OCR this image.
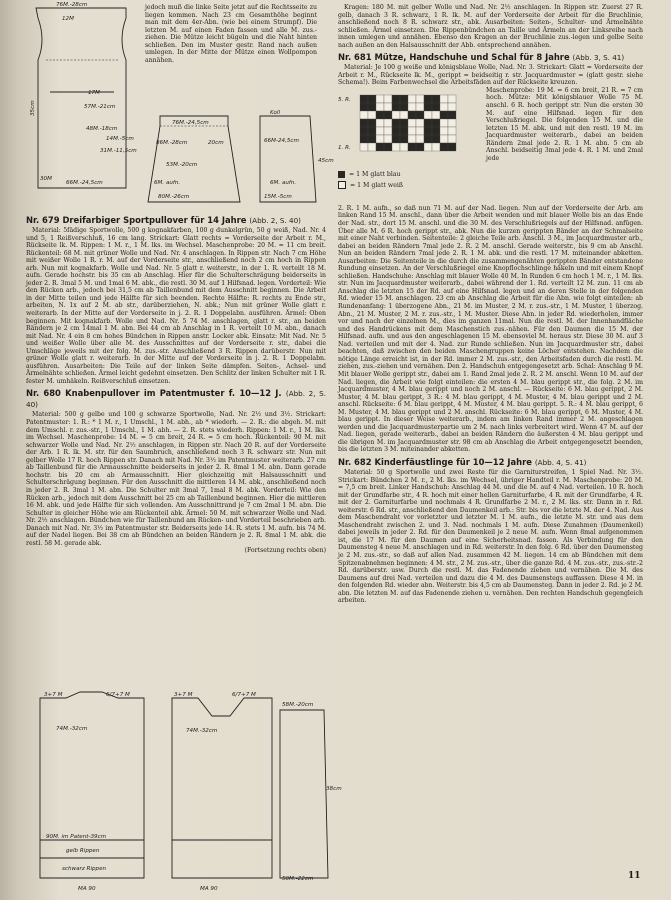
76M.-28cm
12M
35cm	57M.-21cm
48M.-18cm
17M
30M
66M.-24,5cm
14M.-5cm
31M.-11,5cm

jedoch muß die linke Seite jetzt auf die Rechtsseite zu liegen kommen. Nach 23 cm Gesamthöhe beginnt man mit dem 4er-Abn. (wie bei einem Strumpf). Die letzten M. auf einen Faden fassen und alle M. zus.-ziehen. Die Mütze leicht bügeln und die Naht hinten schließen. Den im Muster gestr. Rand nach außen umlegen. In der Mitte der Mütze einen Wollpompon annähen.

76M.-24,5cm
86M.-28cm	20cm
53M.-20cm
6M. aufn.
80M.-26cm
Koll
66M-24,5cm
6M. aufn.
15M.-5cm
45cm
Nr. 679 Dreifarbiger Sportpullover für 14 Jahre (Abb. 2, S. 40)

Material: 5fädige Sportwolle, 500 g kognakfarben, 100 g dunkelgrün, 50 g weiß, Nad. Nr. 4 und 5, 1 Reißverschluß, 16 cm lang. Strickart: Glatt rechts = Vorderseite der Arbeit r. M., Rückseite lk. M. Rippen: 1 M. r., 1 M. lks. im Wechsel. Maschenprobe: 20 M. = 11 cm breit. Rückenteil: 68 M. mit grüner Wolle und Nad. Nr. 4 anschlagen. In Rippen str. Nach 7 cm Höhe mit weißer Wolle 1 R. r. M. auf der Vorderseite str., anschließend noch 2 cm hoch in Rippen arb. Nun mit kognakfarb. Wolle und Nad. Nr. 5 glatt r. weiterstr., in der 1. R. verteilt 18 M. aufn. Gerade hochstr. bis 35 cm ab Anschlag. Hier für die Schulterschrägung beiderseits in jeder 2. R. 3mal 5 M. und 1mal 6 M. abk., die restl. 30 M. auf 1 Hilfsnad. legen. Vorderteil: Wie den Rücken arb., jedoch bei 31,5 cm ab Taillenbund mit dem Ausschnitt beginnen. Die Arbeit in der Mitte teilen und jede Hälfte für sich beenden. Rechte Hälfte: R. rechts zu Ende str., arbeiten, N. 1x auf 2 M. ab str., darüberziehen, N. abk.; Nun mit grüner Wolle glatt r. weiterarb. In der Mitte auf der Vorderseite in j. 2. R. 1 Doppelabn. ausführen. Ärmel: Oben beginnen. Mit kognakfarb. Wolle und Nad. Nr. 5 74 M. anschlagen, glatt r. str., an beiden Rändern je 2 cm 14mal 1 M. abn. Bei 44 cm ab Anschlag in 1 R. verteilt 10 M. abn., danach mit Nad. Nr. 4 ein 8 cm hohes Bündchen in Rippen anstr. Locker abk. Einsatz: Mit Nad. Nr. 5 und weißer Wolle über alle M. des Ausschnittes auf der Vorderseite r. str., dabei die Umschläge jeweils mit der folg. M. zus.-str. Anschließend 3 R. Rippen darüberstr. Nun mit grüner Wolle glatt r. weiterarb. In der Mitte auf der Vorderseite in j. 2. R. 1 Doppelabn. ausführen. Ausarbeiten: Die Teile auf der linken Seite dämpfen. Seiten-, Achsel- und Ärmelnähte schließen. Ärmel leicht gedehnt einsetzen. Den Schlitz der linken Schulter mit 1 R. fester M. umhäkeln. Reißverschluß einsetzen.

Nr. 680 Knabenpullover im Patentmuster f. 10—12 J. (Abb. 2, S. 40)

Material: 500 g gelbe und 100 g schwarze Sportwolle, Nad. Nr. 2½ und 3½. Strickart: Patentmuster: 1. R.: * 1 M. r., 1 Umschl., 1 M. abh., ab * wiederh. — 2. R.: die abgeh. M. mit dem Umschl. r. zus.-str., 1 Umschl., 1 M. abh. — 2. R. stets wiederh. Rippen: 1 M. r., 1 M. lks. im Wechsel. Maschenprobe: 14 M. = 5 cm breit, 24 R. = 5 cm hoch. Rückenteil: 90 M. mit schwarzer Wolle und Nad. Nr. 2½ anschlagen, in Rippen str. Nach 20 R. auf der Vorderseite der Arb. 1 R. lk. M. str. für den Saumbruch, anschließend noch 3 R. schwarz str. Nun mit gelber Wolle 17 R. hoch Rippen str. Danach mit Nad. Nr. 3½ im Patentmuster weiterarb. 27 cm ab Taillenbund für die Armausschnitte beiderseits in jeder 2. R. 8mal 1 M. abn. Dann gerade hochstr. bis 20 cm ab Armausschnitt. Hier gleichzeitig mit Halsausschnitt und Schulterschrägung beginnen. Für den Ausschnitt die mittleren 14 M. abk., anschließend noch in jeder 2. R. 3mal 1 M. abn. Die Schulter mit 3mal 7, 1mal 8 M. abk. Vorderteil: Wie den Rücken arb., jedoch mit dem Ausschnitt bei 25 cm ab Taillenbund beginnen. Hier die mittleren 16 M. abk. und jede Hälfte für sich vollenden. Am Ausschnittrand je 7 cm 2mal 1 M. abn. Die Schulter in gleicher Höhe wie am Rückenteil abk. Ärmel: 50 M. mit schwarzer Wolle und Nad. Nr. 2½ anschlagen. Bündchen wie für Taillenbund am Rücken- und Vorderteil beschrieben arb. Danach mit Nad. Nr. 3½ im Patentmuster str. Beiderseits jede 14. R. stets 1 M. aufn. bis 74 M. auf der Nadel liegen. Bei 38 cm ab Bündchen an beiden Rändern je 2. R. 8mal 1 M. abk. die restl. 58 M. gerade abk.

(Fortsetzung rechts oben)

74M.-32cm
90M. im Patent-39cm
gelb Rippen
schwarz Rippen
MA 90
3+7 M	6/7+7 M
74M.-32cm
MA 90
3+7 M	6/7+7 M
58M.-20cm
50M.-22cm
38cm

Kragen: 180 M. mit gelber Wolle und Nad. Nr. 2½ anschlagen. In Rippen str. Zuerst 27 R. gelb, danach 3 R. schwarz, 1 R. lk. M. auf der Vorderseite der Arbeit für die Bruchlinie, anschließend noch 8 R. schwarz str., abk. Ausarbeiten: Seiten-, Schulter- und Ärmelnähte schließen. Ärmel einsetzen. Die Rippenbündchen an Taille und Ärmeln an der Linksreihe nach innen umlegen und annähen. Ebenso den Kragen an der Bruchlinie zus.-legen und gelbe Seite nach außen an den Halsausschnitt der Abb. entsprechend annähen.

Nr. 681 Mütze, Handschuhe und Schal für 8 Jahre (Abb. 3, S. 41)

Material: Je 100 g weiße und königsblaue Wolle, Nad. Nr. 3. Strickart: Glatt = Vorderseite der Arbeit r. M., Rückseite lk. M., gerippt = beidseitig r. str. Jacquardmuster = (glatt gestr. siehe Schema!). Beim Farbenwechsel die Arbeitsfäden auf der Rückseite kreuzen.

5. R.
1. R.
= 1 M glatt blau
= 1 M glatt weiß

Maschenprobe: 19 M. = 6 cm breit, 21 R. = 7 cm hoch. Mütze: Mit königsblauer Wolle 75 M. anschl. 6 R. hoch gerippt str. Nun die ersten 30 M. auf eine Hilfsnad. legen für den Verschlußriegel. Die folgenden 15 M. und die letzten 15 M. abk. und mit den restl. 19 M. im Jacquardmuster weiterarb., dabei an beiden Rändern 2mal jede 2. R. 1 M. abn. 5 cm ab Anschl. beidseitig 3mal jede 4. R. 1 M. und 2mal jede

2. R. 1 M. aufn., so daß nun 71 M. auf der Nad. liegen. Nun auf der Vorderseite der Arb. am linken Rand 15 M. anschl., dann über die Arbeit wenden und mit blauer Wolle bis an das Ende der Nad. str., dort 15 M. anschl. und die 30 M. des Verschlußriegels auf der Hilfsnad. anfügen. Über alle M. 6 R. hoch gerippt str., abk. Nun die kurzen gerippten Bänder an der Schmalseite mit einer Naht verbinden. Seitenteile: 2 gleiche Teile arb. Anschl. 3 M., im Jacquardmuster arb., dabei an beiden Rändern 7mal jede 2. R. 2 M. anschl. Gerade weiterstr., bis 9 cm ab Anschl. Nun an beiden Rändern 7mal jede 2. R. 1 M. abk. und die restl. 17 M. miteinander abketten. Ausarbeiten: Die Seitenteile in die durch die zusammengenähten gerippten Bänder entstandene Rundung einsetzen. An der Verschlußriegel eine Knopflochschlinge häkeln und mit einem Knopf schließen. Handschuhe: Anschlag mit blauer Wolle 40 M. In Runden 6 cm hoch 1 M. r., 1 M. lks. str. Nun im Jacquardmuster weiterarb., dabei während der 1. Rd. verteilt 12 M. zun. 11 cm ab Anschlag die letzten 15 der Rd. auf eine Hilfsnad. legen und an deren Stelle in der folgenden Rd. wieder 15 M. anschlagen. 23 cm ab Anschlag die Arbeit für die Abn. wie folgt einteilen: ab Rundenanfang: 1 überzogene Abn., 21 M. im Muster, 2 M. r. zus.-str., 1 M. Muster, 1 überzog. Abn., 21 M. Muster, 2 M. r. zus.-str., 1 M. Muster. Diese Abn. in jeder Rd. wiederholen, immer vor und nach der einzelnen M., dies im ganzen 11mal. Nun die restl. M. der Innenhandfläche und des Handrückens mit dem Maschenstich zus.-nähen. Für den Daumen die 15 M. der Hilfsnad. aufn. und aus den angeschlagenen 15 M. ebensoviel M. heraus str. Diese 30 M. auf 3 Nad. verteilen und mit der 4. Nad. zur Runde schließen. Nun im Jacquardmuster str., dabei beachten, daß zwischen den beiden Maschengruppen keine Löcher entstehen. Nachdem die nötige Länge erreicht ist, in der Rd. immer 2 M. zus.-str., den Arbeitsfaden durch die restl. M. ziehen, zus.-ziehen und vernähen. Den 2. Handschuh entgegengesetzt arb. Schal: Anschlag 9 M. Mit blauer Wolle gerippt str., dabei am 1. Rand 2mal jede 2. R. 2 M. anschl. Wenn 10 M. auf der Nad. liegen, die Arbeit wie folgt einteilen: die ersten 4 M. blau gerippt str., die folg. 2 M. im Jacquardmuster, 4 M. blau gerippt und noch 2 M. anschl. — Rückseite: 6 M. blau gerippt, 2 M. Muster, 4 M. blau gerippt, 3 R.: 4 M. blau gerippt, 4 M. Muster, 4 M. blau gerippt und 2 M. anschl. Rückseite: 6 M. blau gerippt, 4 M. Muster, 4 M. blau gerippt. 5. R.: 4 M. blau gerippt, 6 M. Muster, 4 M. blau gerippt und 2 M. anschl. Rückseite: 6 M. blau gerippt, 6 M. Muster, 4 M. blau gerippt. In dieser Weise weiterarb., indem am linken Rand immer 2 M. angeschlagen werden und die Jacquardmusterpartie um 2 M. nach links verbreitert wird. Wenn 47 M. auf der Nad. liegen, gerade weiterarb., dabei an beiden Rändern die äußersten 4 M. blau gerippt und die übrigen M. im Jacquardmuster str. 98 cm ab Anschlag die Arbeit entgegengesetzt beenden, bis die letzten 3 M. miteinander abketten.

Nr. 682 Kinderfäustlinge für 10—12 Jahre (Abb. 4, S. 41)

Material: 50 g Sportwolle und zwei Reste für die Garniturstreifen, 1 Spiel Nad. Nr. 3½. Strickart: Bündchen 2 M. r., 2 M. lks. im Wechsel, übriger Handteil r. M. Maschenprobe: 20 M. = 7,5 cm breit. Linker Handschuh: Anschlag 44 M. und die M. auf 4 Nad. verteilen. 10 R. hoch mit der Grundfarbe str., 4 R. hoch mit einer hellen Garniturfarbe, 4 R. mit der Grundfarbe, 4 R. mit der 2. Garniturfarbe und nochmals 4 R. Grundfarbe 2 M. r., 2 M. lks. str. Dann in r. Rd. weiterstr. 6 Rd. str., anschließend den Daumenkeil arb.: Str. bis vor die letzte M. der 4. Nad. Aus dem Maschendraht vor vorletzter und letzter M. 1 M. aufn., die letzte M. str. und aus dem Maschendraht zwischen 2. und 3. Nad. nochmals 1 M. aufn. Diese Zunahmen (Daumenkeil) dabei jeweils in jeder 2. Rd. für den Daumenkeil je 2 neue M. aufn. Wenn 8mal aufgenommen ist, die 17 M. für den Daumen auf eine Sicherheitsnad. fassen. Als Verbindung für den Daumensteg 4 neue M. anschlagen und in Rd. weiterstr. In den folg. 6 Rd. über den Daumensteg je 2 M. zus.-str., so daß auf allen Nad. zusammen 42 M. liegen. 14 cm ab Bündchen mit dem Spitzenabnehmen beginnen: 4 M. str., 2 M. zus.-str., über die ganze Rd. 4 M. zus.-str., zus.-str.-2 Rd. darüberstr. usw. Durch die restl. M. das Fadenende ziehen und vernähen. Die M. des Daumens auf drei Nad. verteilen und dazu die 4 M. des Daumenstegs auffassen. Diese 4 M. in den folgenden Rd. wieder abn. Weiterstr. bis 4,5 cm ab Daumensteg. Dann in jeder 2. Rd. je 2 M. abn. Die letzten M. auf das Fadenende ziehen u. vernähen. Den rechten Handschuh gegengleich arbeiten.

11
